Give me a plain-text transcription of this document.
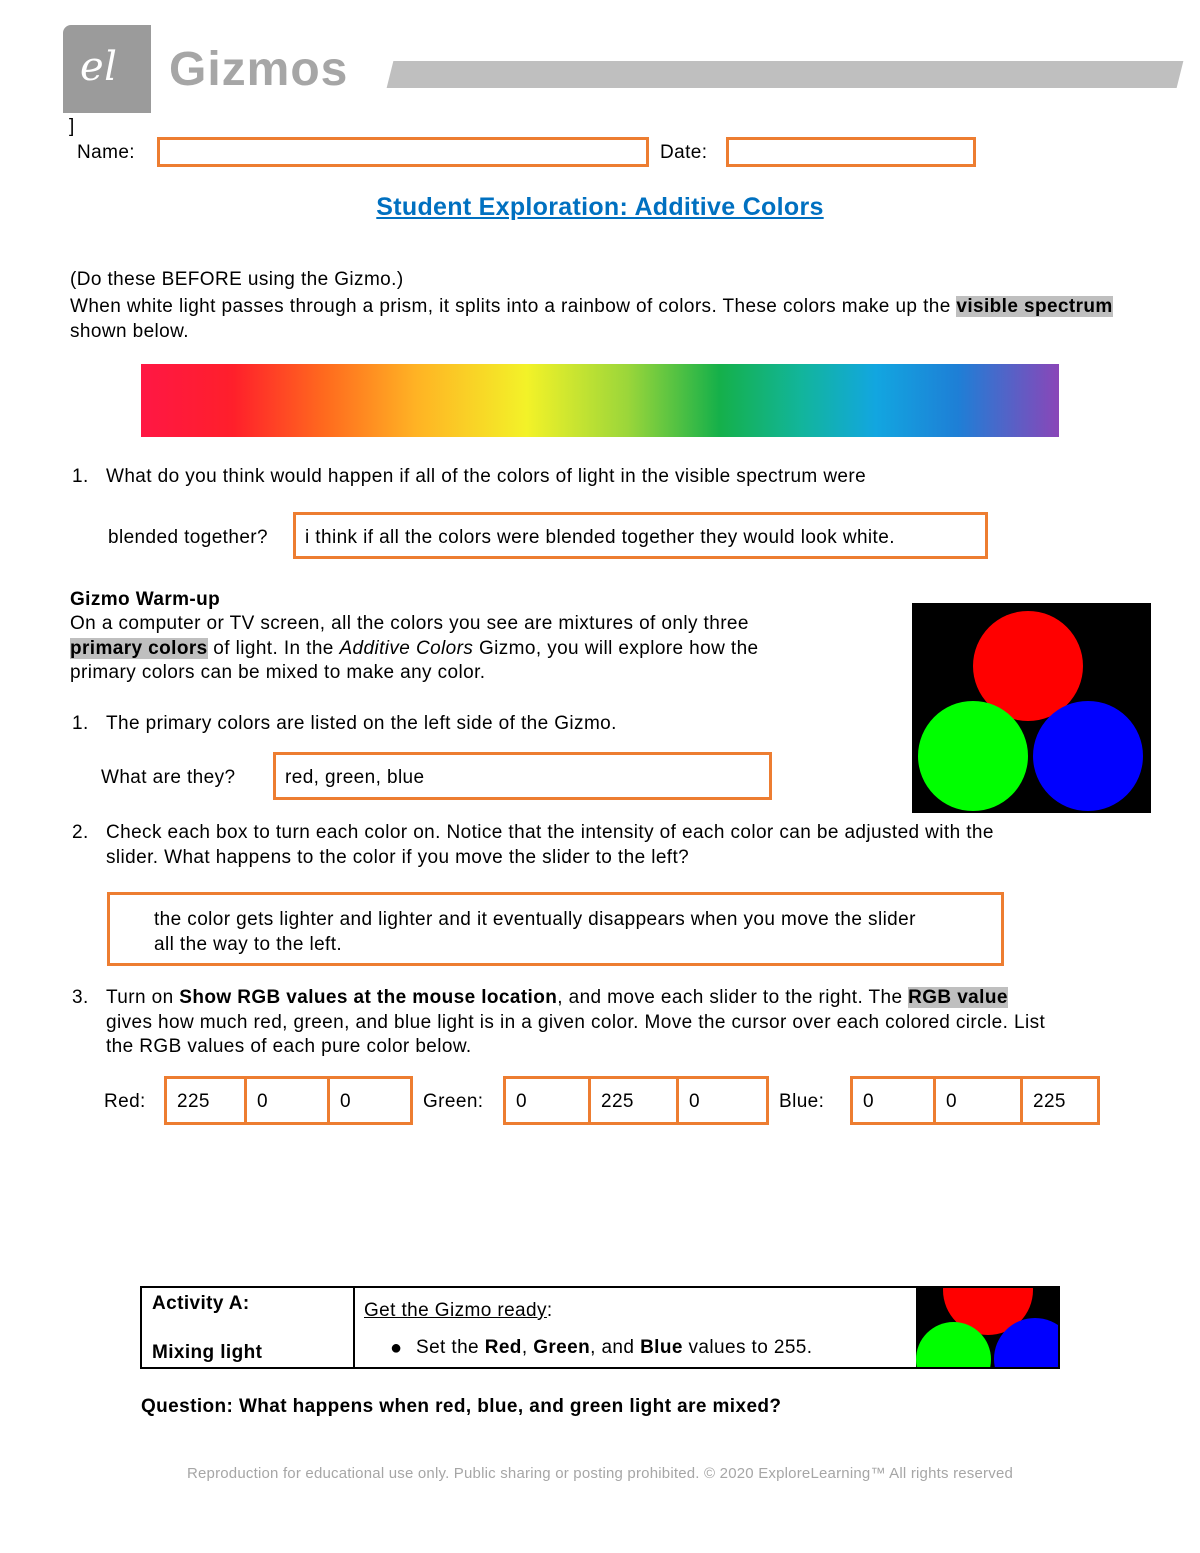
el Gizmos
]
Name:	Date:
Student Exploration: Additive Colors
(Do these BEFORE using the Gizmo.)
When white light passes through a prism, it splits into a rainbow of colors. These colors make up the visible spectrum shown below.
1. What do you think would happen if all of the colors of light in the visible spectrum were
blended together? i think if all the colors were blended together they would look white.
Gizmo Warm-up
On a computer or TV screen, all the colors you see are mixtures of only three
primary colors of light. In the Additive Colors Gizmo, you will explore how the
primary colors can be mixed to make any color.
1. The primary colors are listed on the left side of the Gizmo.
What are they?	red, green, blue
2. Check each box to turn each color on. Notice that the intensity of each color can be adjusted with the
slider. What happens to the color if you move the slider to the left?
the color gets lighter and lighter and it eventually disappears when you move the slider
all the way to the left.
3. Turn on Show RGB values at the mouse location, and move each slider to the right. The RGB value
gives how much red, green, and blue light is in a given color. Move the cursor over each colored circle. List
the RGB values of each pure color below.
Red: 225 0	0	Green: 0	225	0	Blue: 0	0	225
Activity A:
Mixing light
Get the Gizmo ready:
● Set the Red, Green, and Blue values to 255.
Question: What happens when red, blue, and green light are mixed?
Reproduction for educational use only. Public sharing or posting prohibited. © 2020 ExploreLearning™ All rights reserved
